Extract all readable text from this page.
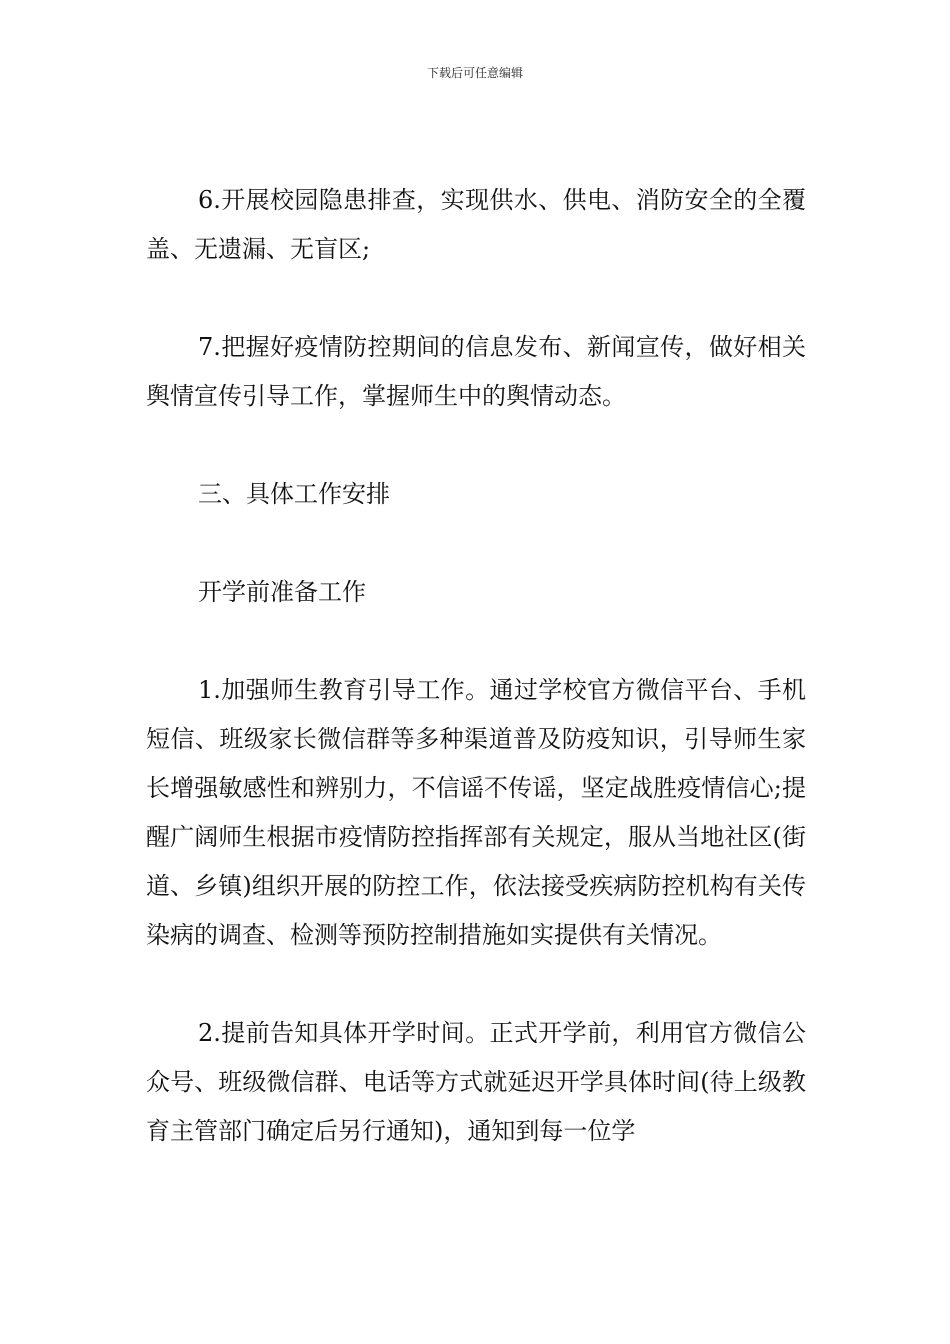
下载后可任意编辑

6.开展校园隐患排查，实现供水、供电、消防安全的全覆盖、无遗漏、无盲区;

7.把握好疫情防控期间的信息发布、新闻宣传，做好相关舆情宣传引导工作，掌握师生中的舆情动态。

三、具体工作安排

开学前准备工作

1.加强师生教育引导工作。通过学校官方微信平台、手机短信、班级家长微信群等多种渠道普及防疫知识，引导师生家长增强敏感性和辨别力，不信谣不传谣，坚定战胜疫情信心;提醒广阔师生根据市疫情防控指挥部有关规定，服从当地社区(街道、乡镇)组织开展的防控工作，依法接受疾病防控机构有关传染病的调查、检测等预防控制措施如实提供有关情况。

2.提前告知具体开学时间。正式开学前，利用官方微信公众号、班级微信群、电话等方式就延迟开学具体时间(待上级教育主管部门确定后另行通知)，通知到每一位学
